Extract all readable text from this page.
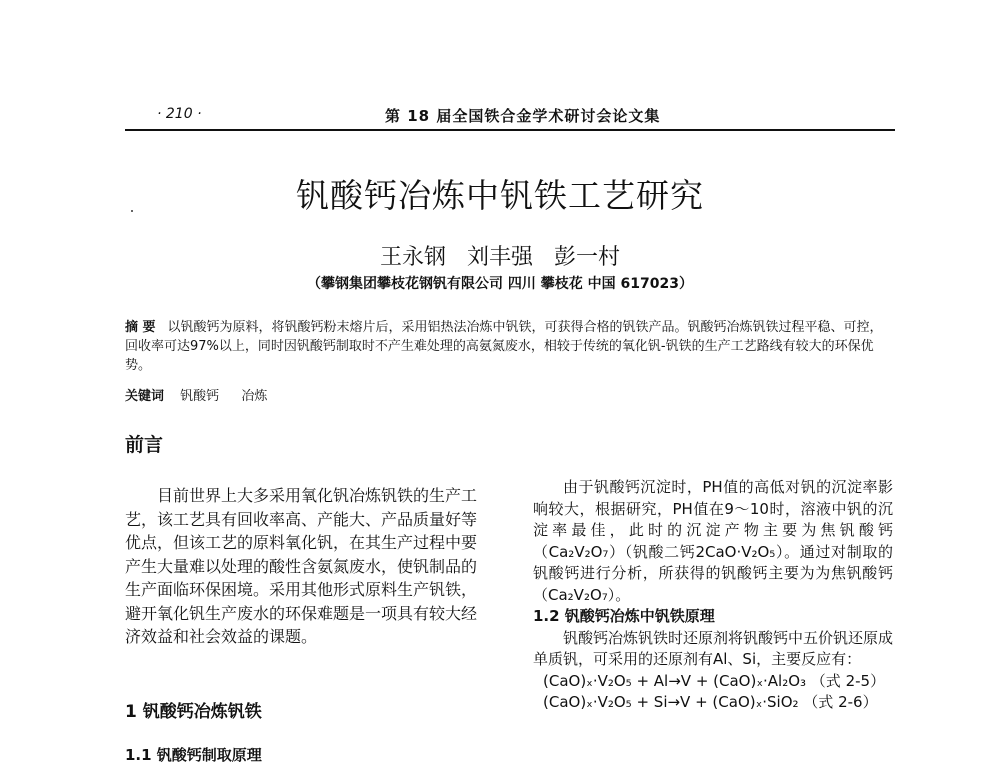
· 210 ·	第 18 届全国铁合金学术研讨会论文集
钒酸钙冶炼中钒铁工艺研究
王永钢 刘丰强 彭一村
（攀钢集团攀枝花钢钒有限公司 四川 攀枝花 中国 617023）
摘 要 以钒酸钙为原料，将钒酸钙粉末熔片后，采用铝热法冶炼中钒铁，可获得合格的钒铁产品。钒酸钙冶炼钒铁过程平稳、可控，回收率可达97%以上，同时因钒酸钙制取时不产生难处理的高氨氮废水，相较于传统的氧化钒-钒铁的生产工艺路线有较大的环保优势。
关键词 钒酸钙 冶炼
前言

目前世界上大多采用氧化钒冶炼钒铁的生产工艺，该工艺具有回收率高、产能大、产品质量好等优点，但该工艺的原料氧化钒，在其生产过程中要产生大量难以处理的酸性含氨氮废水，使钒制品的生产面临环保困境。采用其他形式原料生产钒铁，避开氧化钒生产废水的环保难题是一项具有较大经济效益和社会效益的课题。

1 钒酸钙冶炼钒铁
1.1 钒酸钙制取原理

由于钒酸钙沉淀时，PH值的高低对钒的沉淀率影响较大，根据研究，PH值在9～10时，溶液中钒的沉淀率最佳，此时的沉淀产物主要为焦钒酸钙（Ca₂V₂O₇）（钒酸二钙2CaO·V₂O₅）。通过对制取的钒酸钙进行分析，所获得的钒酸钙主要为为焦钒酸钙（Ca₂V₂O₇）。

1.2 钒酸钙冶炼中钒铁原理

钒酸钙冶炼钒铁时还原剂将钒酸钙中五价钒还原成单质钒，可采用的还原剂有Al、Si，主要反应有：

(CaO)ₓ·V₂O₅ + Al→V + (CaO)ₓ·Al₂O₃ （式 2-5）
(CaO)ₓ·V₂O₅ + Si→V + (CaO)ₓ·SiO₂ （式 2-6）
